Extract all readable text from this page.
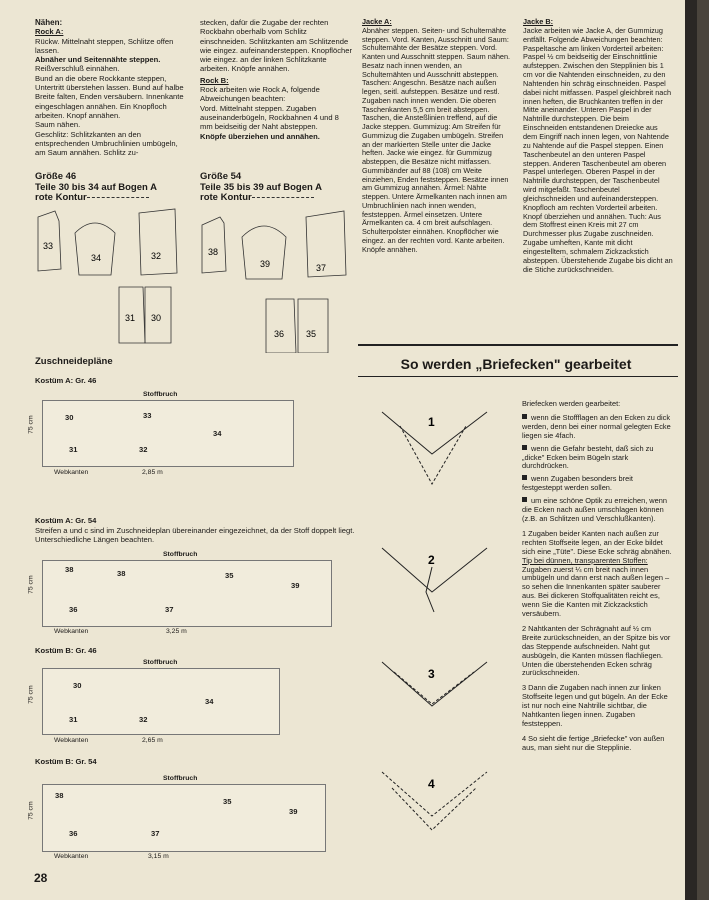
Nähen:
Rock A:

Rückw. Mittelnaht steppen, Schlitze offen lassen.

Abnäher und Seitennähte steppen.

Reißverschluß einnähen.

Bund an die obere Rockkante steppen, Untertritt überstehen lassen. Bund auf halbe Breite falten, Enden versäubern. Innenkante eingeschlagen annähen. Ein Knopfloch arbeiten. Knopf annähen.

Saum nähen.

Geschlitz: Schlitzkanten an den entsprechenden Umbruchlinien umbügeln, am Saum annähen. Schlitz zu-

stecken, dafür die Zugabe der rechten Rockbahn oberhalb vom Schlitz einschneiden. Schlitzkanten am Schlitzende wie eingez. aufeinandersteppen. Knopflöcher wie eingez. an der linken Schlitzkante arbeiten. Knöpfe annähen.

Rock B:

Rock arbeiten wie Rock A, folgende Abweichungen beachten:

Vord. Mittelnaht steppen. Zugaben auseinanderbügeln, Rockbahnen 4 und 8 mm beidseitig der Naht absteppen.

Knöpfe überziehen und annähen.

Jacke A:

Abnäher steppen. Seiten- und Schulternähte steppen. Vord. Kanten, Ausschnitt und Saum: Schulternähte der Besätze steppen. Vord. Kanten und Ausschnitt steppen. Saum nähen. Besatz nach innen wenden, an Schulternähten und Ausschnitt absteppen. Taschen: Angeschn. Besätze nach außen legen, seitl. aufsteppen. Besätze und restl. Zugaben nach innen wenden. Die oberen Taschenkanten 5,5 cm breit absteppen. Taschen, die Ansteßlinien treffend, auf die Jacke steppen. Gummizug: Am Streifen für Gummizug die Zugaben umbügeln. Streifen an der markierten Stelle unter die Jacke heften. Jacke wie eingez. für Gummizug absteppen, die Besätze nicht mitfassen. Gummibänder auf 88 (108) cm Weite einziehen, Enden feststeppen. Besätze innen am Gummizug annähen. Ärmel: Nähte steppen. Untere Ärmelkanten nach innen am Umbruchlinien nach innen wenden, feststeppen. Ärmel einsetzen. Untere Ärmelkanten ca. 4 cm breit aufschlagen. Schulterpolster einnähen. Knopflöcher wie eingez. an der rechten vord. Kante arbeiten. Knöpfe annähen.

Jacke B:

Jacke arbeiten wie Jacke A, der Gummizug entfällt. Folgende Abweichungen beachten: Paspeltasche am linken Vorderteil arbeiten: Paspel ½ cm beidseitig der Einschnittlinie aufsteppen. Zwischen den Stepplinien bis 1 cm vor die Nahtenden einschneiden, zu den Nahtenden hin schräg einschneiden. Paspel dabei nicht mitfassen. Paspel gleichbreit nach innen heften, die Bruchkanten treffen in der Mitte aneinander. Unteren Paspel in der Nahtrille durchsteppen. Die beim Einschneiden entstandenen Dreiecke aus dem Eingriff nach innen legen, von Nahtende zu Nahtende auf die Paspel steppen. Einen Taschenbeutel an den unteren Paspel steppen. Anderen Taschenbeutel am oberen Paspel unterlegen. Oberen Paspel in der Nahtrille durchsteppen, der Taschenbeutel wird mitgefaßt. Taschenbeutel gleichschneiden und aufeinandersteppen. Knopfloch am rechten Vorderteil arbeiten. Knopf überziehen und annähen. Tuch: Aus dem Stoffrest einen Kreis mit 27 cm Durchmesser plus Zugabe zuschneiden. Zugabe umheften, Kante mit dicht eingestelltem, schmalem Zickzackstich absteppen. Überstehende Zugabe bis dicht an die Stiche zurückschneiden.

Größe 46
Teile 30 bis 34 auf Bogen A
rote Kontur
Größe 54
Teile 35 bis 39 auf Bogen A
rote Kontur
33
34	32
31 30
38
39	37
36 35
Zuschneidepläne
Kostüm A: Gr. 46
Kostüm A: Gr. 54
Streifen a und c sind im Zuschneideplan übereinander eingezeichnet, da der Stoff doppelt liegt. Unterschiedliche Längen beachten.
Kostüm B: Gr. 46
Kostüm B: Gr. 54
Stoffbruch
30	33
34
31	32
75 cm
Webkanten	2,85 m
Stoffbruch
38	38	35
39
36	37
75 cm
Webkanten	3,25 m
Stoffbruch
30
34
31	32
75 cm
Webkanten	2,65 m
Stoffbruch
38
35
39
36	37
75 cm
Webkanten	3,15 m
So werden „Briefecken" gearbeitet
1
2
3
4

Briefecken werden gearbeitet:

wenn die Stoffflagen an den Ecken zu dick werden, denn bei einer normal gelegten Ecke liegen sie 4fach.

wenn die Gefahr besteht, daß sich zu „dicke" Ecken beim Bügeln stark durchdrücken.

wenn Zugaben besonders breit festgesteppt werden sollen.

um eine schöne Optik zu erreichen, wenn die Ecken nach außen umschlagen können (z.B. an Schlitzen und Verschlußkanten).

1 Zugaben beider Kanten nach außen zur rechten Stoffseite legen, an der Ecke bildet sich eine „Tüte". Diese Ecke schräg abnähen.

Tip bei dünnen, transparenten Stoffen:

Zugaben zuerst ¼ cm breit nach innen umbügeln und dann erst nach außen legen – so sehen die Innenkanten später sauberer aus. Bei dickeren Stoffqualitäten reicht es, wenn Sie die Kanten mit Zickzackstich versäubern.

2 Nahtkanten der Schrägnaht auf ½ cm Breite zurückschneiden, an der Spitze bis vor das Steppende aufschneiden. Naht gut ausbügeln, die Kanten müssen flachliegen. Unten die überstehenden Ecken schräg zurückschneiden.

3 Dann die Zugaben nach innen zur linken Stoffseite legen und gut bügeln. An der Ecke ist nur noch eine Nahtrille sichtbar, die Nahtkanten liegen innen. Zugaben feststeppen.

4 So sieht die fertige „Briefecke" von außen aus, man sieht nur die Stepplinie.

28
